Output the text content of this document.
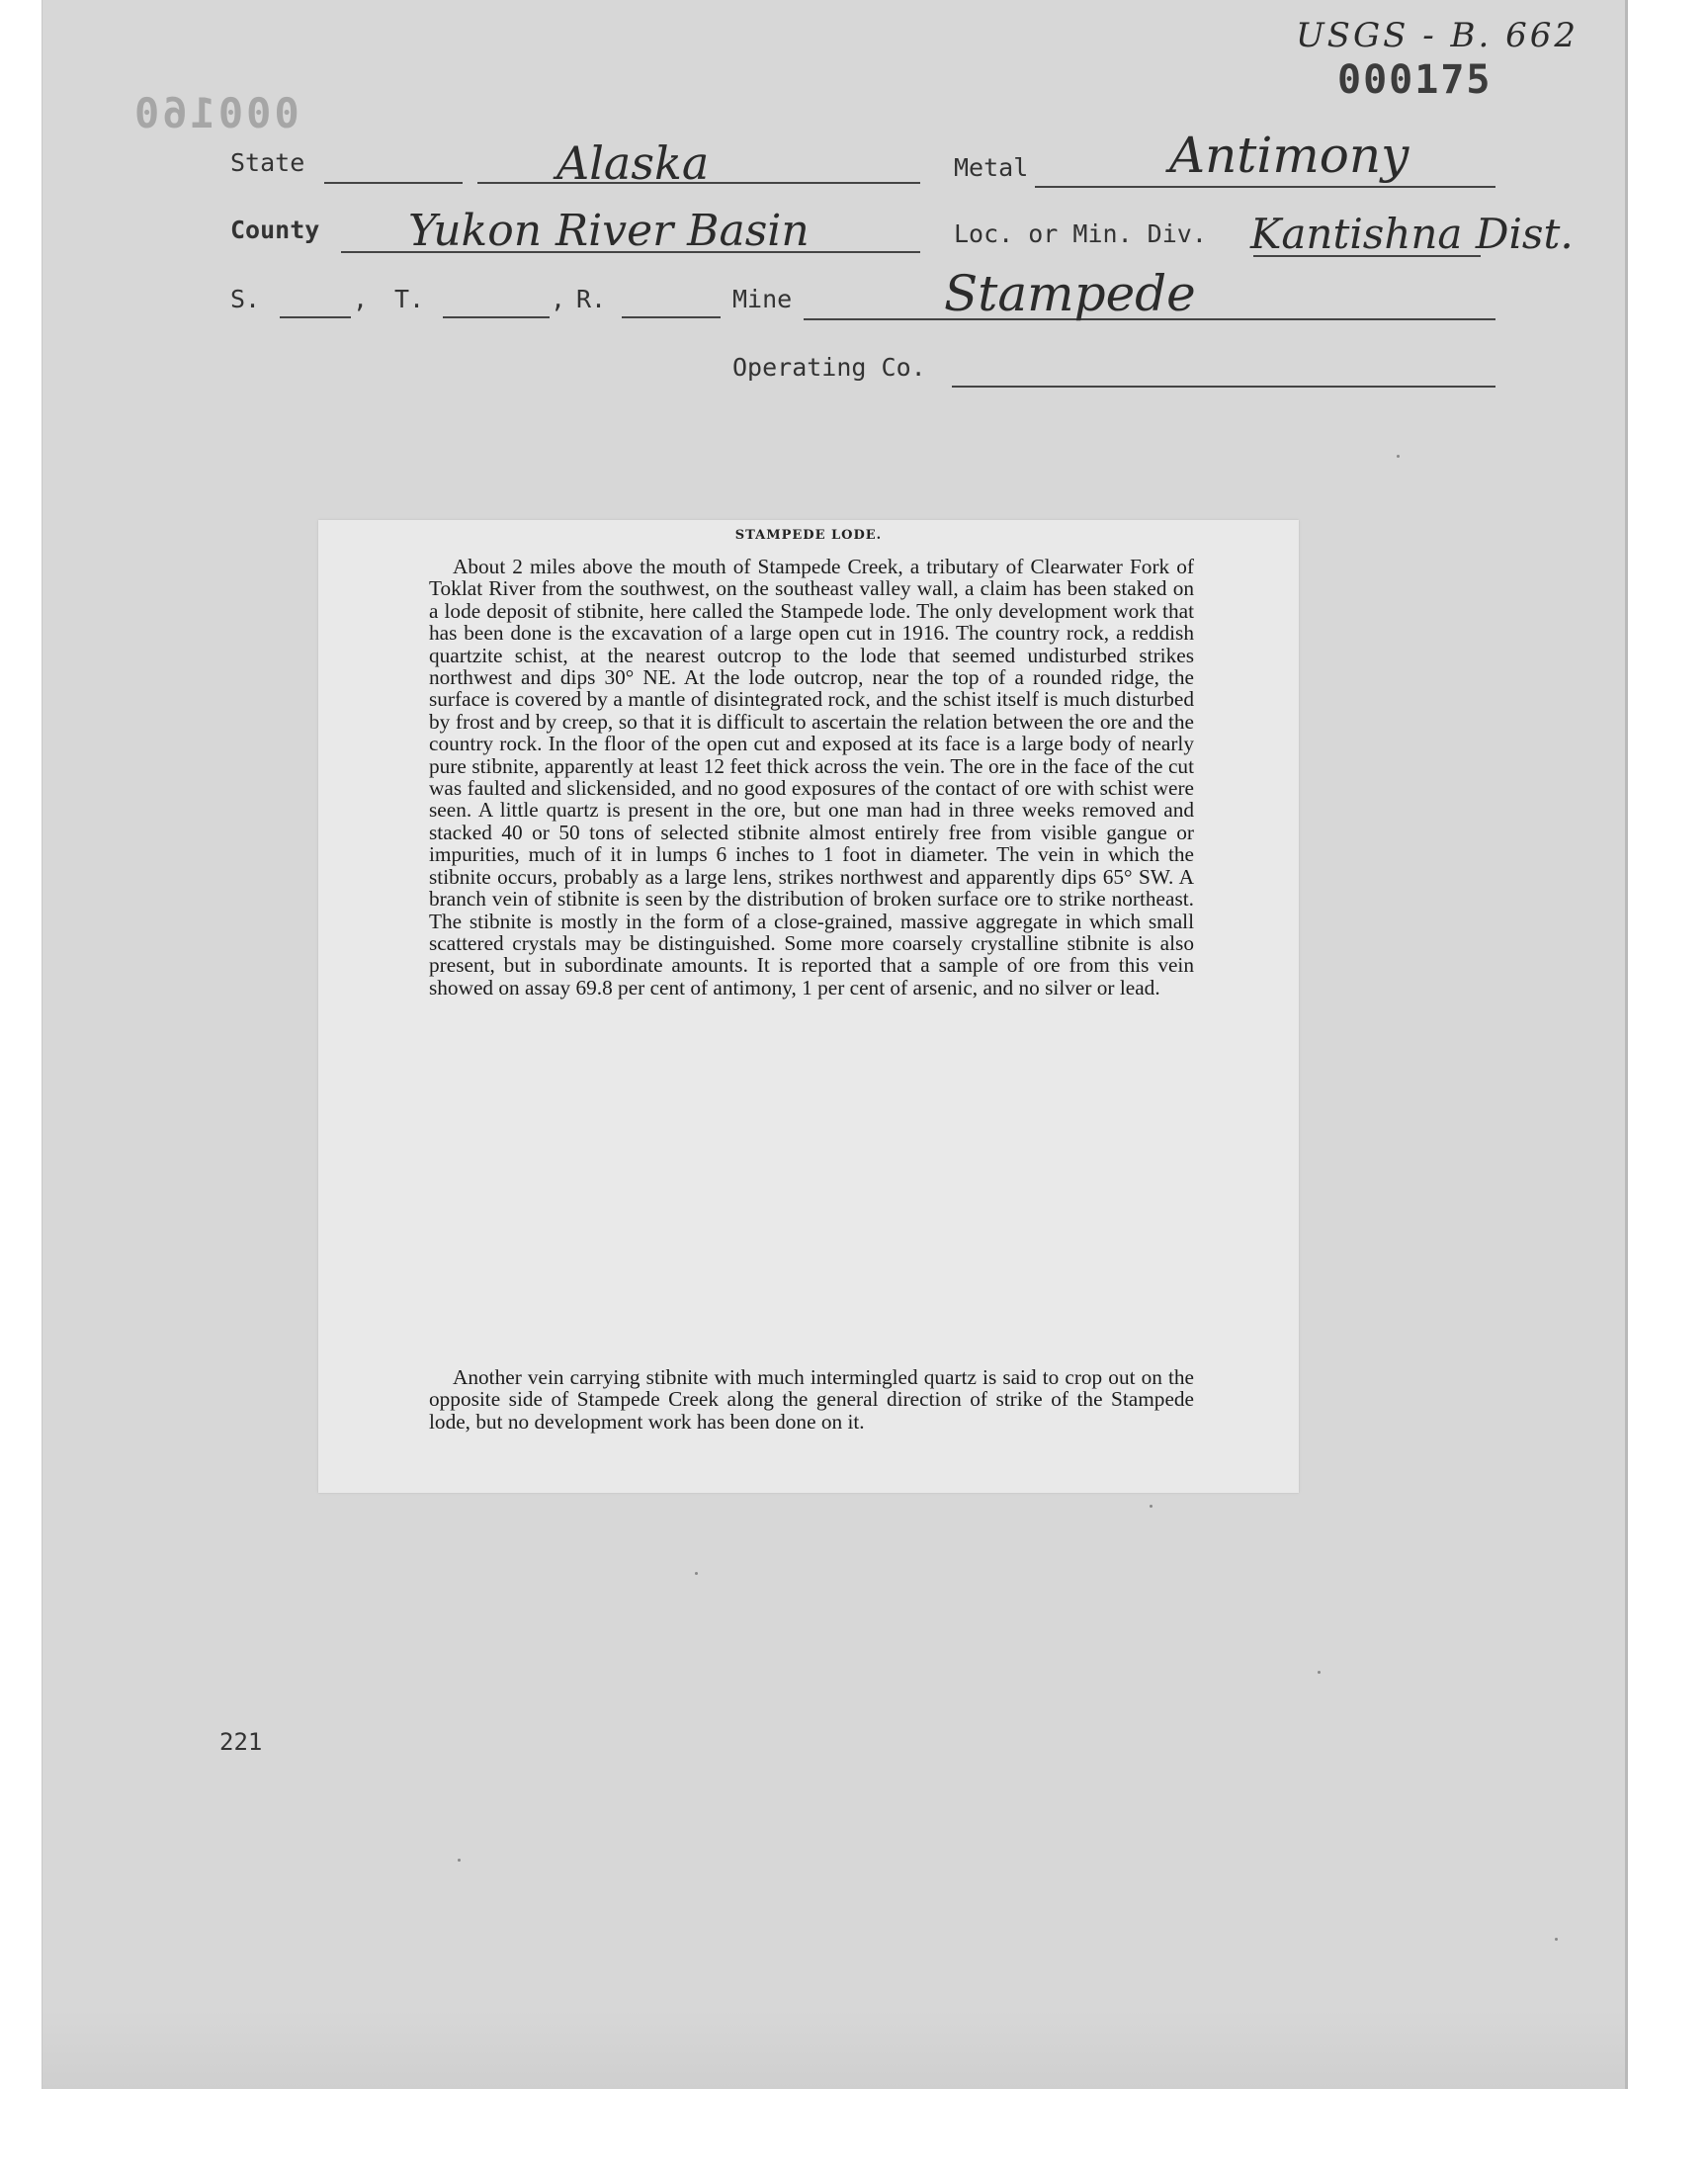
USGS - B. 662
000175
000160
State	Alaska	Metal	Antimony
County Yukon River Basin	Loc. or Min. Div. Kantishna Dist.
S.	, T.	, R.	Mine	Stampede
Operating Co.
STAMPEDE LODE.
About 2 miles above the mouth of Stampede Creek, a tributary of Clearwater Fork of Toklat River from the southwest, on the southeast valley wall, a claim has been staked on a lode deposit of stibnite, here called the Stampede lode. The only development work that has been done is the excavation of a large open cut in 1916. The country rock, a reddish quartzite schist, at the nearest outcrop to the lode that seemed undisturbed strikes northwest and dips 30° NE. At the lode outcrop, near the top of a rounded ridge, the surface is covered by a mantle of disintegrated rock, and the schist itself is much disturbed by frost and by creep, so that it is difficult to ascertain the relation between the ore and the country rock. In the floor of the open cut and exposed at its face is a large body of nearly pure stibnite, apparently at least 12 feet thick across the vein. The ore in the face of the cut was faulted and slickensided, and no good exposures of the contact of ore with schist were seen. A little quartz is present in the ore, but one man had in three weeks removed and stacked 40 or 50 tons of selected stibnite almost entirely free from visible gangue or impurities, much of it in lumps 6 inches to 1 foot in diameter. The vein in which the stibnite occurs, probably as a large lens, strikes northwest and apparently dips 65° SW. A branch vein of stibnite is seen by the distribution of broken surface ore to strike northeast. The stibnite is mostly in the form of a close-grained, massive aggregate in which small scattered crystals may be distinguished. Some more coarsely crystalline stibnite is also present, but in subordinate amounts. It is reported that a sample of ore from this vein showed on assay 69.8 per cent of antimony, 1 per cent of arsenic, and no silver or lead.
Another vein carrying stibnite with much intermingled quartz is said to crop out on the opposite side of Stampede Creek along the general direction of strike of the Stampede lode, but no development work has been done on it.
221
